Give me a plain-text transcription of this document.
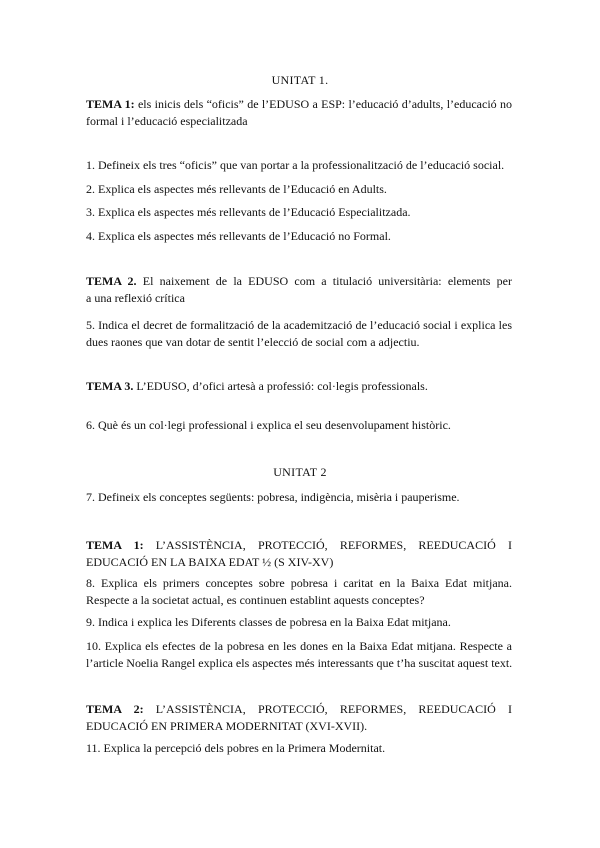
UNITAT 1.
TEMA 1: els inicis dels “oficis” de l’EDUSO a ESP: l’educació d’adults, l’educació no
formal i l’educació especialitzada
1. Defineix els tres “oficis” que van portar a la professionalització de l’educació social.
2. Explica els aspectes més rellevants de l’Educació en Adults.
3. Explica els aspectes més rellevants de l’Educació Especialitzada.
4. Explica els aspectes més rellevants de l’Educació no Formal.
TEMA 2. El naixement de la EDUSO com a titulació universitària: elements per
a una reflexió crítica
5. Indica el decret de formalització de la academització de l’educació social i explica les
dues raones que van dotar de sentit l’elecció de social com a adjectiu.
TEMA 3. L’EDUSO, d’ofici artesà a professió: col·legis professionals.
6. Què és un col·legi professional i explica el seu desenvolupament històric.
UNITAT 2
7. Defineix els conceptes següents: pobresa, indigència, misèria i pauperisme.
TEMA 1: L’ASSISTÈNCIA, PROTECCIÓ, REFORMES, REEDUCACIÓ I
EDUCACIÓ EN LA BAIXA EDAT ½ (S XIV-XV)
8. Explica els primers conceptes sobre pobresa i caritat en la Baixa Edat mitjana.
Respecte a la societat actual, es continuen establint aquests conceptes?
9. Indica i explica les Diferents classes de pobresa en la Baixa Edat mitjana.
10. Explica els efectes de la pobresa en les dones en la Baixa Edat mitjana. Respecte a
l’article Noelia Rangel explica els aspectes més interessants que t’ha suscitat aquest text.
TEMA 2: L’ASSISTÈNCIA, PROTECCIÓ, REFORMES, REEDUCACIÓ I
EDUCACIÓ EN PRIMERA MODERNITAT (XVI-XVII).
11. Explica la percepció dels pobres en la Primera Modernitat.
